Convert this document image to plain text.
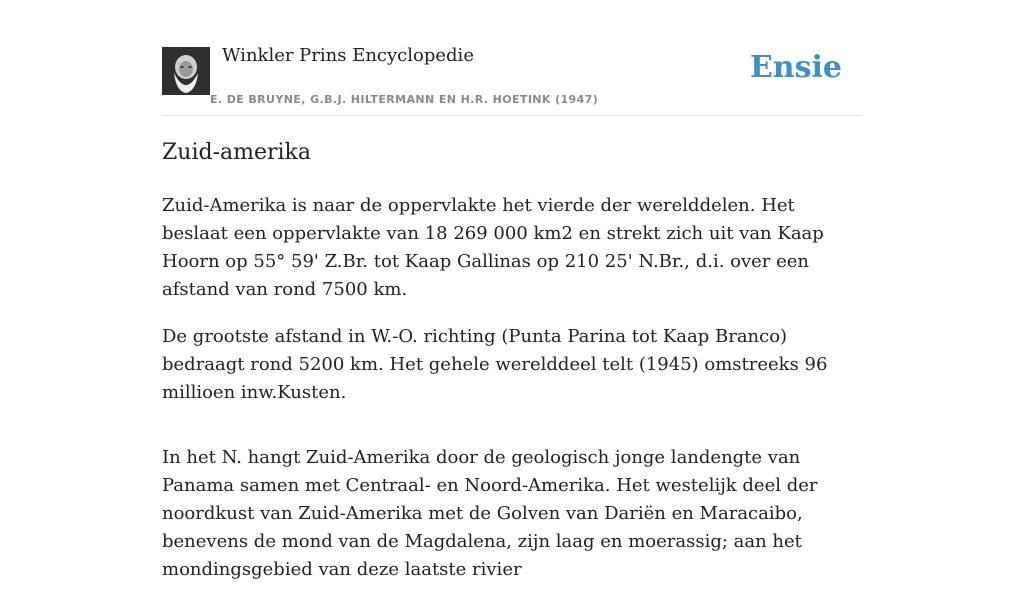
Winkler Prins Encyclopedie
E. DE BRUYNE, G.B.J. HILTERMANN EN H.R. HOETINK (1947)
Ensie
Zuid-amerika

Zuid-Amerika is naar de oppervlakte het vierde der werelddelen. Het beslaat een oppervlakte van 18 269 000 km2 en strekt zich uit van Kaap Hoorn op 55° 59' Z.Br. tot Kaap Gallinas op 210 25' N.Br., d.i. over een afstand van rond 7500 km.

De grootste afstand in W.-O. richting (Punta Parina tot Kaap Branco) bedraagt rond 5200 km. Het gehele werelddeel telt (1945) omstreeks 96 millioen inw.Kusten.

In het N. hangt Zuid-Amerika door de geologisch jonge landengte van Panama samen met Centraal- en Noord-Amerika. Het westelijk deel der noordkust van Zuid-Amerika met de Golven van Dariën en Maracaibo, benevens de mond van de Magdalena, zijn laag en moerassig; aan het mondingsgebied van deze laatste rivier
